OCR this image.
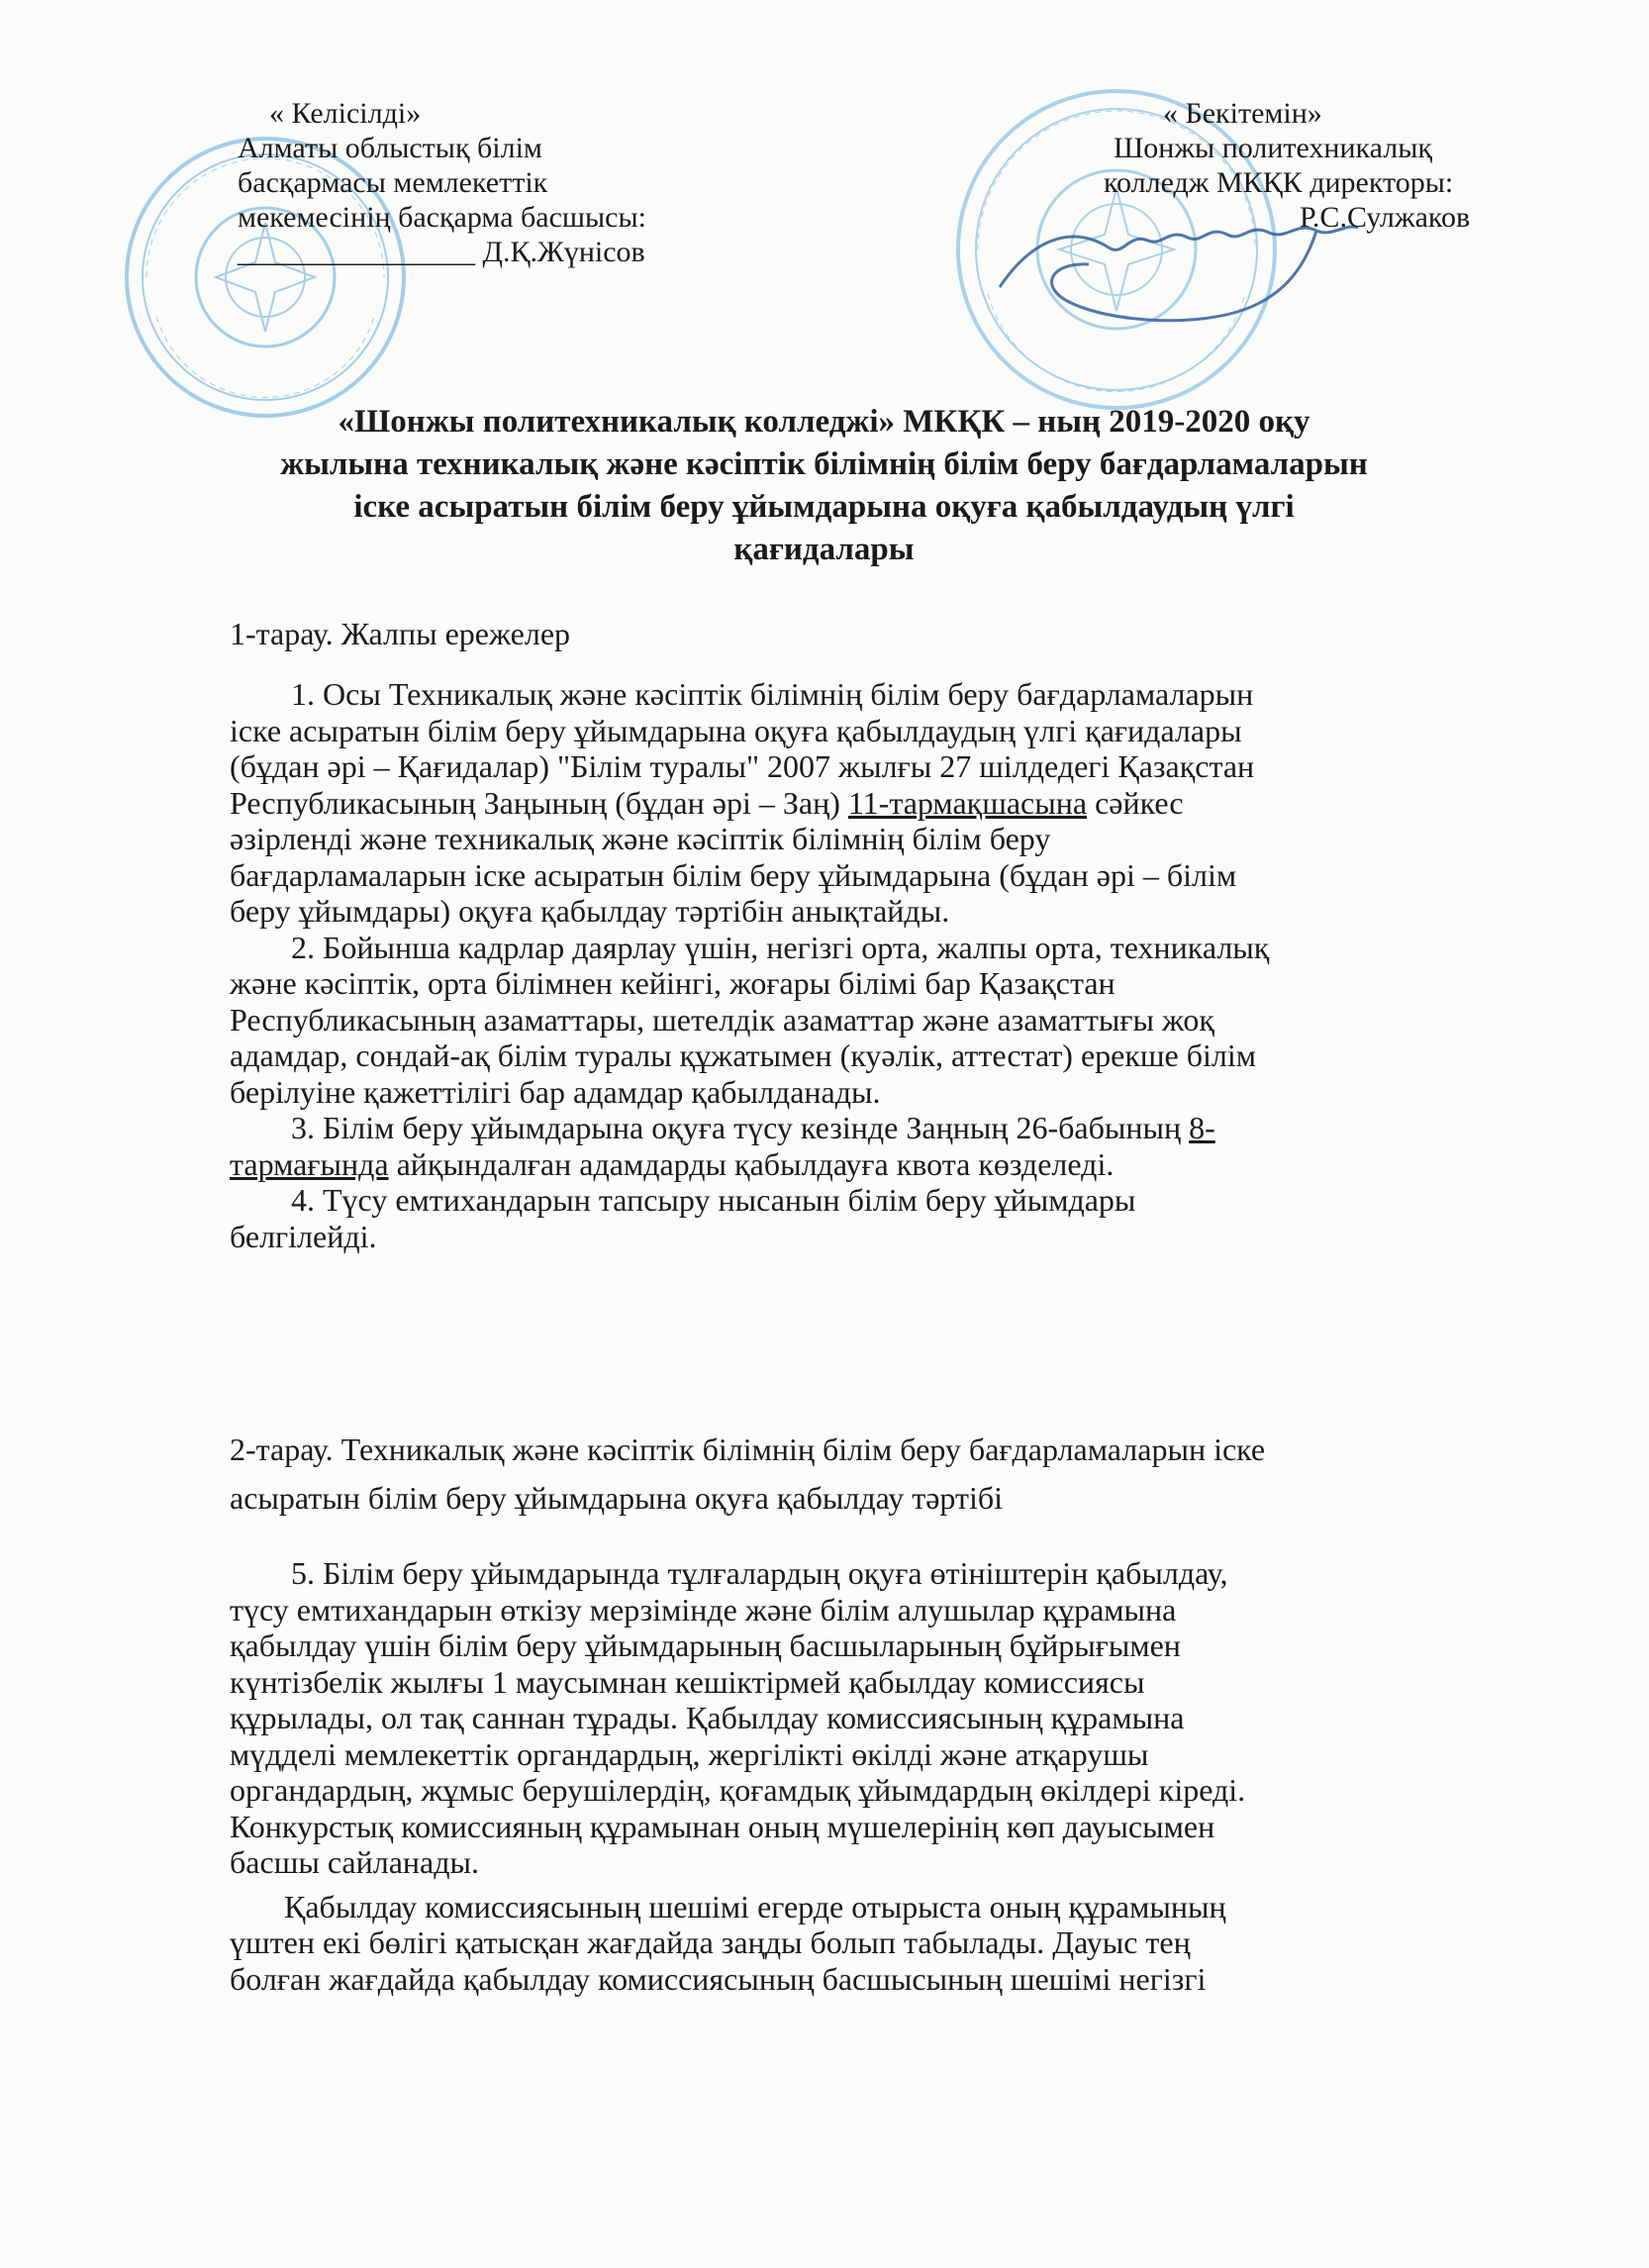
« Келісілді»
Алматы облыстық білім
басқармасы мемлекеттік
мекемесінің басқарма басшысы:
________________ Д.Қ.Жүнісов
« Бекітемін»
Шонжы политехникалық
колледж МКҚК директоры:
Р.С.Сулжаков
«Шонжы политехникалық колледжі» МКҚК – ның 2019-2020 оқу
жылына техникалық және кәсіптік білімнің білім беру бағдарламаларын
іске асыратын білім беру ұйымдарына оқуға қабылдаудың үлгі
қағидалары
1-тарау. Жалпы ережелер
1. Осы Техникалық және кәсіптік білімнің білім беру бағдарламаларын
іске асыратын білім беру ұйымдарына оқуға қабылдаудың үлгі қағидалары
(бұдан әрі – Қағидалар) "Білім туралы" 2007 жылғы 27 шілдедегі Қазақстан
Республикасының Заңының (бұдан әрі – Заң) 11-тармақшасына сәйкес
әзірленді және техникалық және кәсіптік білімнің білім беру
бағдарламаларын іске асыратын білім беру ұйымдарына (бұдан әрі – білім
беру ұйымдары) оқуға қабылдау тәртібін анықтайды.
2. Бойынша кадрлар даярлау үшін, негізгі орта, жалпы орта, техникалық
және кәсіптік, орта білімнен кейінгі, жоғары білімі бар Қазақстан
Республикасының азаматтары, шетелдік азаматтар және азаматтығы жоқ
адамдар, сондай-ақ білім туралы құжатымен (куәлік, аттестат) ерекше білім
берілуіне қажеттілігі бар адамдар қабылданады.
3. Білім беру ұйымдарына оқуға түсу кезінде Заңның 26-бабының 8-
тармағында айқындалған адамдарды қабылдауға квота көзделеді.
4. Түсу емтихандарын тапсыру нысанын білім беру ұйымдары
белгілейді.
2-тарау. Техникалық және кәсіптік білімнің білім беру бағдарламаларын іске
асыратын білім беру ұйымдарына оқуға қабылдау тәртібі
5. Білім беру ұйымдарында тұлғалардың оқуға өтініштерін қабылдау,
түсу емтихандарын өткізу мерзімінде және білім алушылар құрамына
қабылдау үшін білім беру ұйымдарының басшыларының бұйрығымен
күнтізбелік жылғы 1 маусымнан кешіктірмей қабылдау комиссиясы
құрылады, ол тақ саннан тұрады. Қабылдау комиссиясының құрамына
мүдделі мемлекеттік органдардың, жергілікті өкілді және атқарушы
органдардың, жұмыс берушілердің, қоғамдық ұйымдардың өкілдері кіреді.
Конкурстық комиссияның құрамынан оның мүшелерінің көп дауысымен
басшы сайланады.
Қабылдау комиссиясының шешімі егерде отырыста оның құрамының
үштен екі бөлігі қатысқан жағдайда заңды болып табылады. Дауыс тең
болған жағдайда қабылдау комиссиясының басшысының шешімі негізгі
